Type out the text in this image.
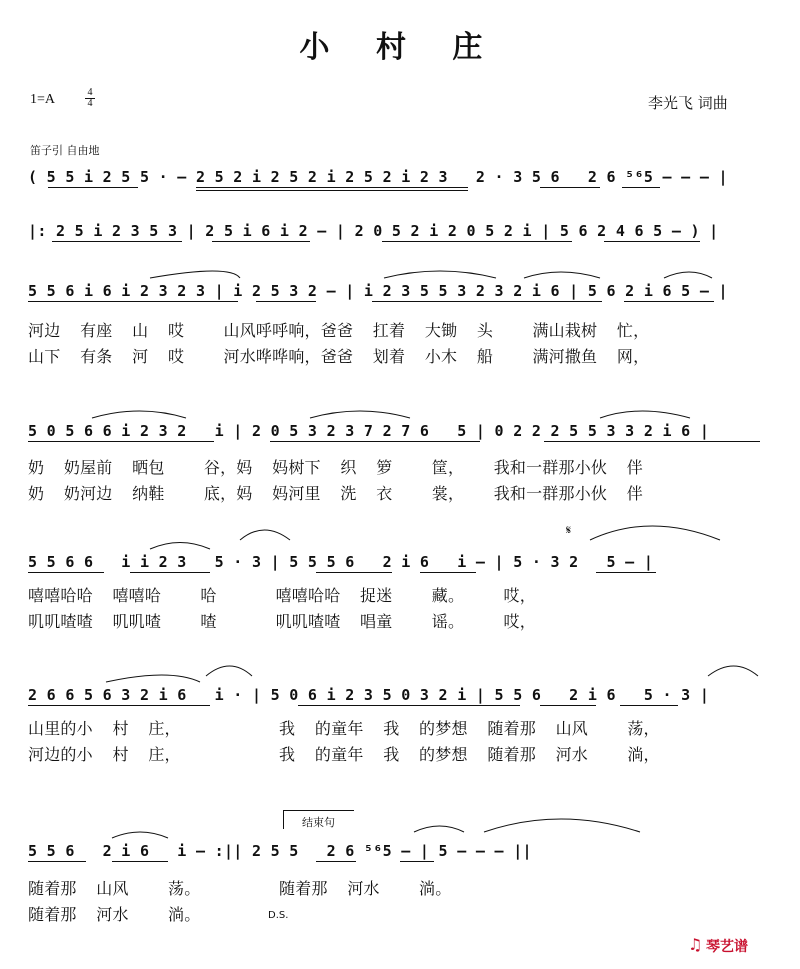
小 村 庄
1=A	4
4	李光飞 词曲
笛子引 自由地
( 5 5 i 2 5 5 · – 2 5 2 i 2 5 2 i 2 5 2 i 2 3   2 · 3 5 6   2 6 ⁵⁶5 – – – |
|: 2 5 i 2 3 5 3 | 2 5 i 6 i 2 – | 2 0 5 2 i 2 0 5 2 i | 5 6 2 4 6 5 – ) |
5 5 6 i 6 i 2 3 2 3 | i 2 5 3 2 – | i 2 3 5 5 3 2 3 2 i 6 | 5 6 2 i 6 5 – |
5 0 5 6 6 i 2 3 2   i | 2 0 5 3 2 3 7 2 7 6   5 | 0 2 2 2 5 5 3 3 2 i 6 |
5 5 6 6   i i 2 3   5 · 3 | 5 5 5 6   2 i 6   i – | 5 · 3 2   5 – |
2 6 6 5 6 3 2 i 6   i · | 5 0 6 i 2 3 5 0 3 2 i | 5 5 6   2 i 6   5 · 3 |
5 5 6   2 i 6   i – :|| 2 5 5   2 6 ⁵⁶5 – | 5 – – – ||
河边  有座  山  哎    山风呼呼响，爸爸  扛着  大锄  头    满山栽树  忙，
山下  有条  河  哎    河水哗哗响，爸爸  划着  小木  船    满河撒鱼  网，
奶  奶屋前  晒包    谷，妈  妈树下  织  箩    筐，   我和一群那小伙  伴
奶  奶河边  纳鞋    底，妈  妈河里  洗  衣    裳，   我和一群那小伙  伴
嘻嘻哈哈  嘻嘻哈    哈      嘻嘻哈哈  捉迷    藏。    哎，
叽叽喳喳  叽叽喳    喳      叽叽喳喳  唱童    谣。    哎，
山里的小  村  庄，          我  的童年  我  的梦想  随着那  山风    荡，
河边的小  村  庄，          我  的童年  我  的梦想  随着那  河水    淌，
随着那  山风    荡。        随着那  河水    淌。
随着那  河水    淌。
𝄋
结束句
D.S.
♫ 琴艺谱
